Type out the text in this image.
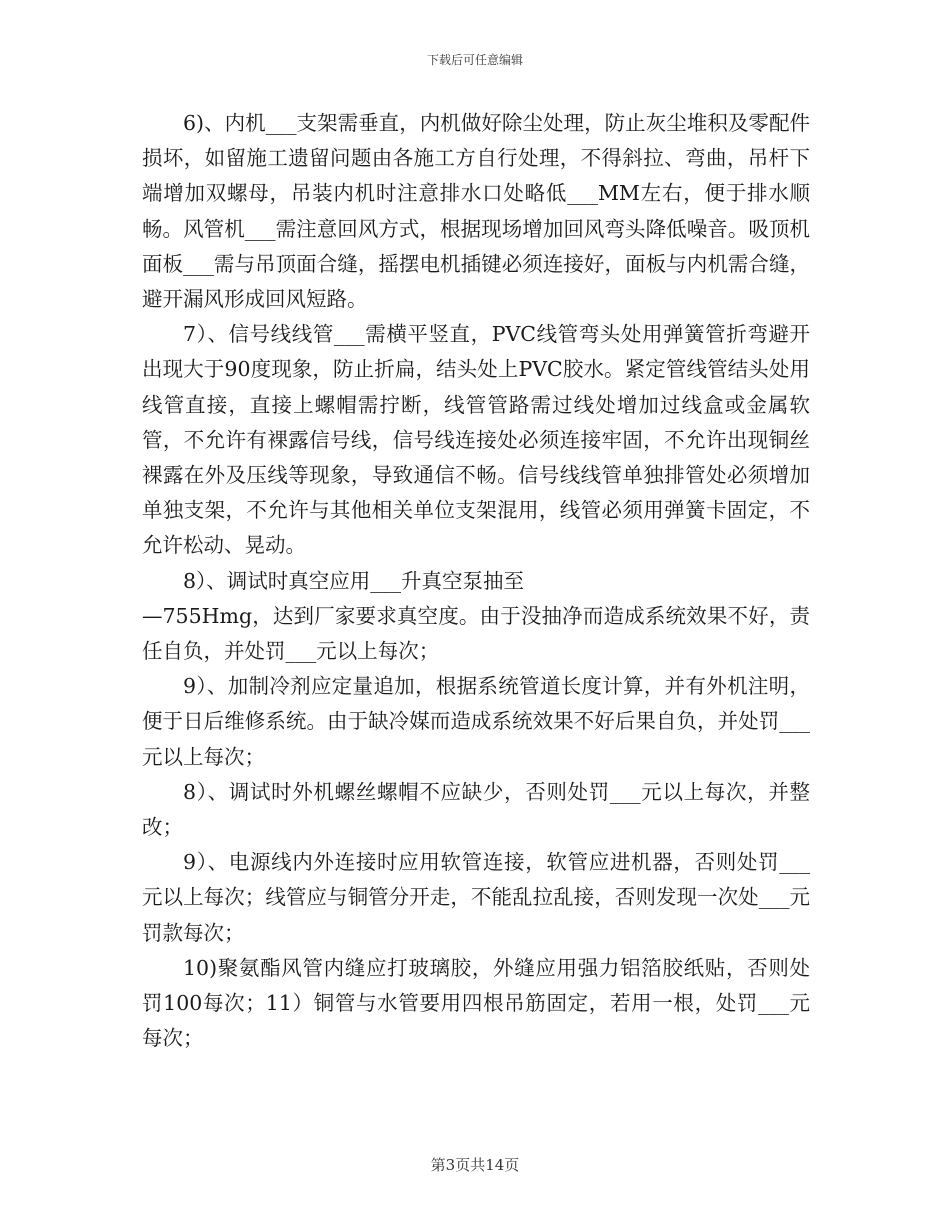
下载后可任意编辑

6)、内机___支架需垂直，内机做好除尘处理，防止灰尘堆积及零配件损坏，如留施工遗留问题由各施工方自行处理，不得斜拉、弯曲，吊杆下端增加双螺母，吊装内机时注意排水口处略低___MM左右，便于排水顺畅。风管机___需注意回风方式，根据现场增加回风弯头降低噪音。吸顶机面板___需与吊顶面合缝，摇摆电机插键必须连接好，面板与内机需合缝，避开漏风形成回风短路。

7）、信号线线管___需横平竖直，PVC线管弯头处用弹簧管折弯避开出现大于90度现象，防止折扁，结头处上PVC胶水。紧定管线管结头处用线管直接，直接上螺帽需拧断，线管管路需过线处增加过线盒或金属软管，不允许有裸露信号线，信号线连接处必须连接牢固，不允许出现铜丝裸露在外及压线等现象，导致通信不畅。信号线线管单独排管处必须增加单独支架，不允许与其他相关单位支架混用，线管必须用弹簧卡固定，不允许松动、晃动。

8）、调试时真空应用___升真空泵抽至
—755Hmg，达到厂家要求真空度。由于没抽净而造成系统效果不好，责任自负，并处罚___元以上每次；

9）、加制冷剂应定量追加，根据系统管道长度计算，并有外机注明，便于日后维修系统。由于缺冷媒而造成系统效果不好后果自负，并处罚___元以上每次；

8）、调试时外机螺丝螺帽不应缺少，否则处罚___元以上每次，并整改；

9）、电源线内外连接时应用软管连接，软管应进机器，否则处罚___元以上每次；线管应与铜管分开走，不能乱拉乱接，否则发现一次处___元罚款每次；

10)聚氨酯风管内缝应打玻璃胶，外缝应用强力铝箔胶纸贴，否则处罚100每次；11）铜管与水管要用四根吊筋固定，若用一根，处罚___元每次；

第3页共14页
